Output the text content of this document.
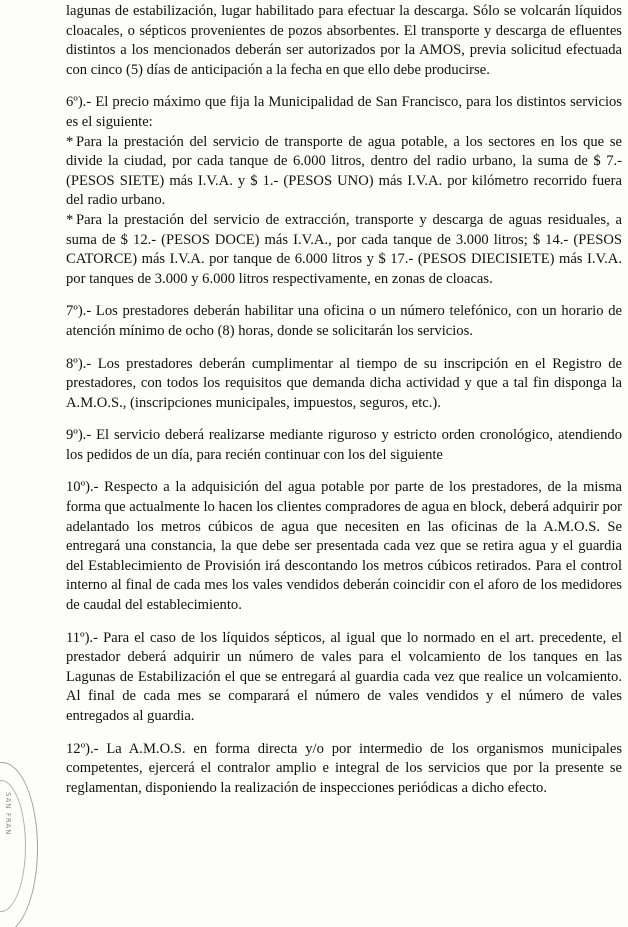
SAN FRAN

lagunas de estabilización, lugar habilitado para efectuar la descarga. Sólo se volcarán líquidos cloacales, o sépticos provenientes de pozos absorbentes. El transporte y descarga de efluentes distintos a los mencionados deberán ser autorizados por la AMOS, previa solicitud efectuada con cinco (5) días de anticipación a la fecha en que ello debe producirse.

6º).- El precio máximo que fija la Municipalidad de San Francisco, para los distintos servicios es el siguiente:

* Para la prestación del servicio de transporte de agua potable, a los sectores en los que se divide la ciudad, por cada tanque de 6.000 litros, dentro del radio urbano, la suma de $ 7.- (PESOS SIETE) más I.V.A. y $ 1.- (PESOS UNO) más I.V.A. por kilómetro recorrido fuera del radio urbano.

* Para la prestación del servicio de extracción, transporte y descarga de aguas residuales, a suma de $ 12.- (PESOS DOCE) más I.V.A., por cada tanque de 3.000 litros; $ 14.- (PESOS CATORCE) más I.V.A. por tanque de 6.000 litros y $ 17.- (PESOS DIECISIETE) más I.V.A. por tanques de 3.000 y 6.000 litros respectivamente, en zonas de cloacas.

7º).- Los prestadores deberán habilitar una oficina o un número telefónico, con un horario de atención mínimo de ocho (8) horas, donde se solicitarán los servicios.

8º).- Los prestadores deberán cumplimentar al tiempo de su inscripción en el Registro de prestadores, con todos los requisitos que demanda dicha actividad y que a tal fin disponga la A.M.O.S., (inscripciones municipales, impuestos, seguros, etc.).

9º).- El servicio deberá realizarse mediante riguroso y estricto orden cronológico, atendiendo los pedidos de un día, para recién continuar con los del siguiente

10º).- Respecto a la adquisición del agua potable por parte de los prestadores, de la misma forma que actualmente lo hacen los clientes compradores de agua en block, deberá adquirir por adelantado los metros cúbicos de agua que necesiten en las oficinas de la A.M.O.S. Se entregará una constancia, la que debe ser presentada cada vez que se retira agua y el guardia del Establecimiento de Provisión irá descontando los metros cúbicos retirados. Para el control interno al final de cada mes los vales vendidos deberán coincidir con el aforo de los medidores de caudal del establecimiento.

11º).- Para el caso de los líquidos sépticos, al igual que lo normado en el art. precedente, el prestador deberá adquirir un número de vales para el volcamiento de los tanques en las Lagunas de Estabilización el que se entregará al guardia cada vez que realice un volcamiento. Al final de cada mes se comparará el número de vales vendidos y el número de vales entregados al guardia.

12º).- La A.M.O.S. en forma directa y/o por intermedio de los organismos municipales competentes, ejercerá el contralor amplio e integral de los servicios que por la presente se reglamentan, disponiendo la realización de inspecciones periódicas a dicho efecto.
